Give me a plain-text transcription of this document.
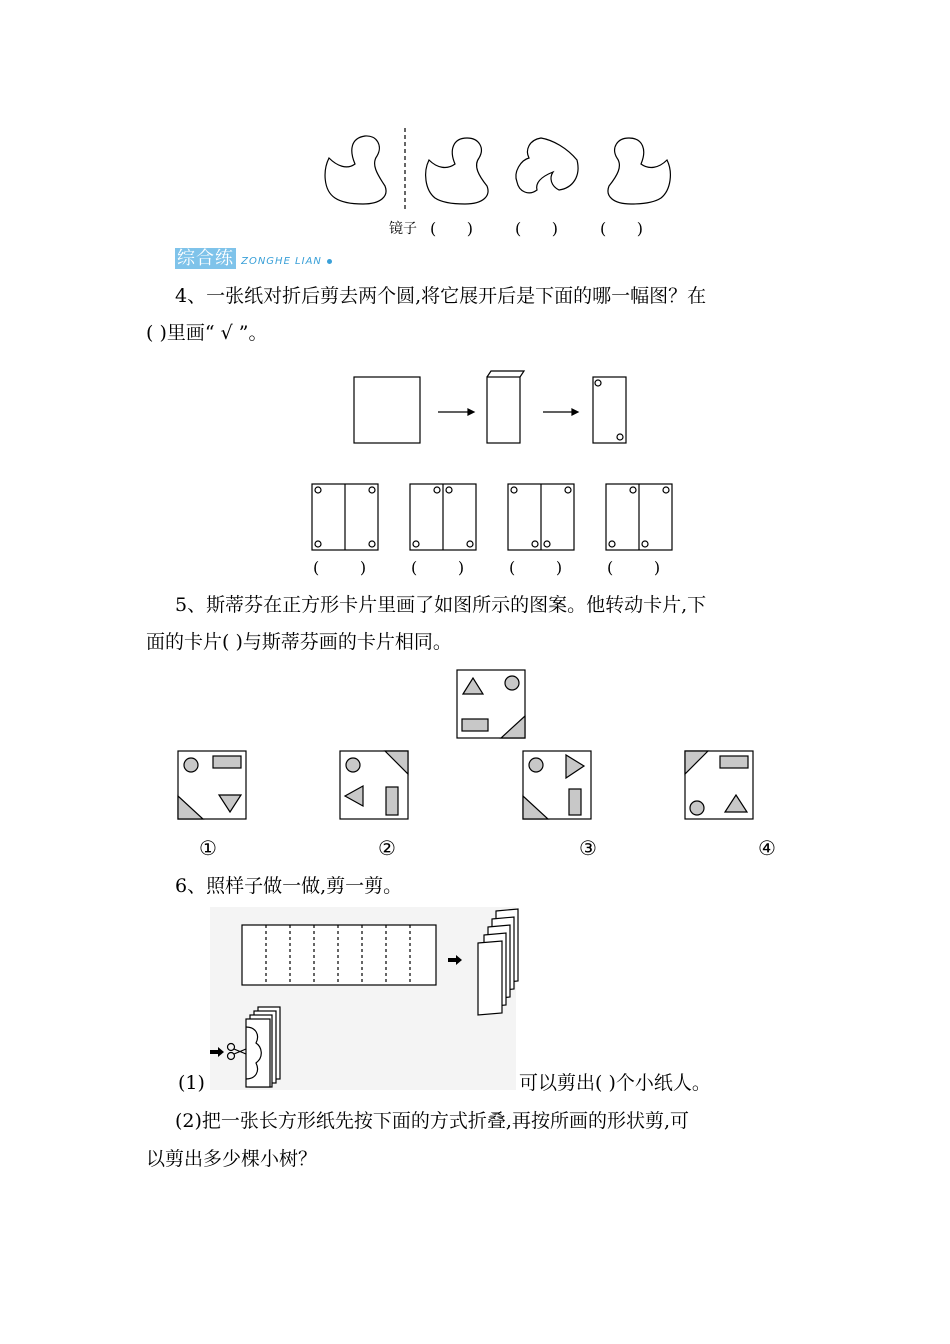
镜子 (      )	(      )	(      )
综合练 ZONGHE LIAN
4、一张纸对折后剪去两个圆,将它展开后是下面的哪一幅图？在
( )里画“ √ ”。
(        )	(        )	(        )	(        )
5、斯蒂芬在正方形卡片里画了如图所示的图案。他转动卡片,下
面的卡片( )与斯蒂芬画的卡片相同。
①	②	③	④
6、照样子做一做,剪一剪。
(1)	可以剪出( )个小纸人。
(2)把一张长方形纸先按下面的方式折叠,再按所画的形状剪,可
以剪出多少棵小树？
